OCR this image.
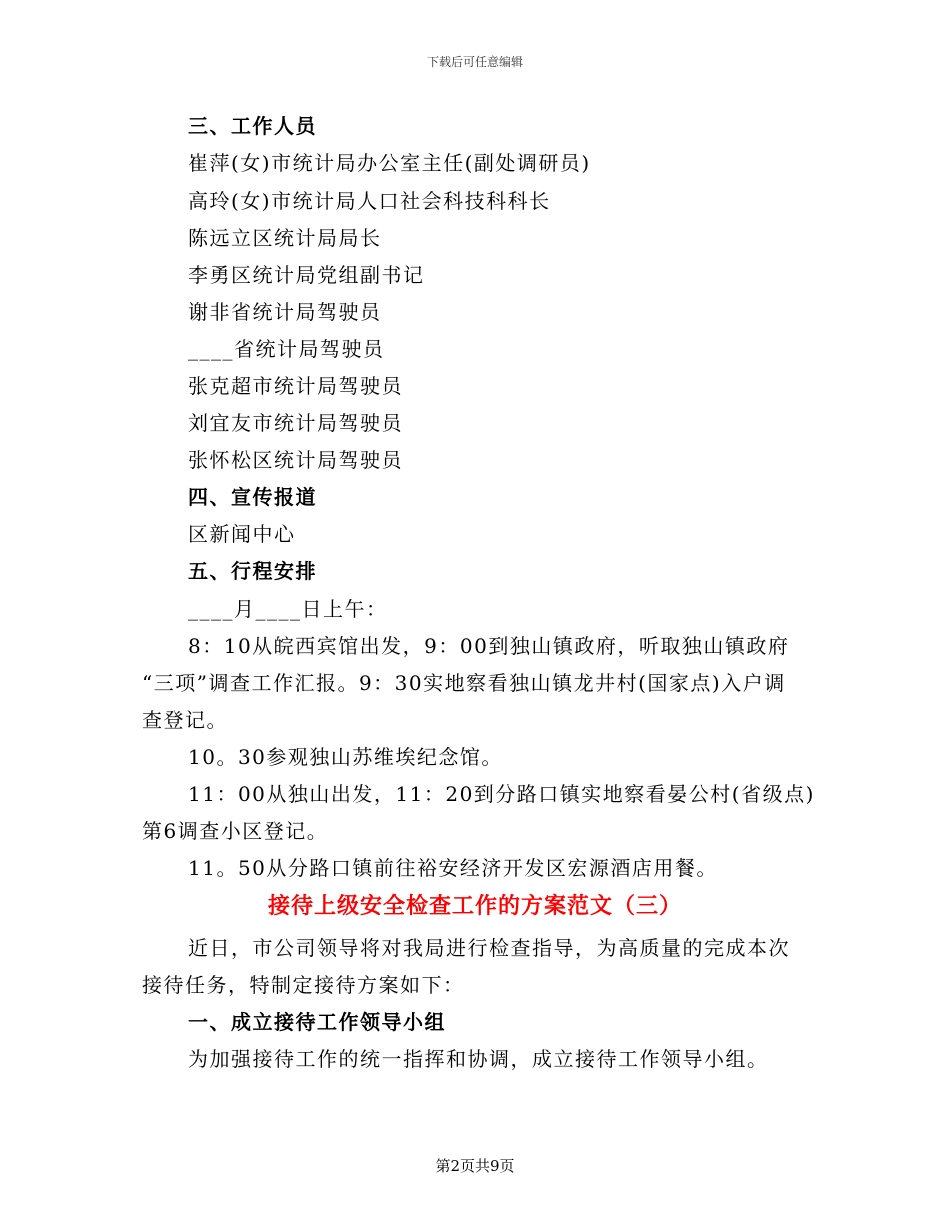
下载后可任意编辑
三、工作人员
崔萍(女)市统计局办公室主任(副处调研员)
高玲(女)市统计局人口社会科技科科长
陈远立区统计局局长
李勇区统计局党组副书记
谢非省统计局驾驶员
____省统计局驾驶员
张克超市统计局驾驶员
刘宜友市统计局驾驶员
张怀松区统计局驾驶员
四、宣传报道
区新闻中心
五、行程安排
____月____日上午：
8：10从皖西宾馆出发，9：00到独山镇政府，听取独山镇政府
“三项”调查工作汇报。9：30实地察看独山镇龙井村(国家点)入户调
查登记。
10。30参观独山苏维埃纪念馆。
11：00从独山出发，11：20到分路口镇实地察看晏公村(省级点)
第6调查小区登记。
11。50从分路口镇前往裕安经济开发区宏源酒店用餐。
接待上级安全检查工作的方案范文（三）
近日，市公司领导将对我局进行检查指导，为高质量的完成本次
接待任务，特制定接待方案如下：
一、成立接待工作领导小组
为加强接待工作的统一指挥和协调，成立接待工作领导小组。
第2页共9页
